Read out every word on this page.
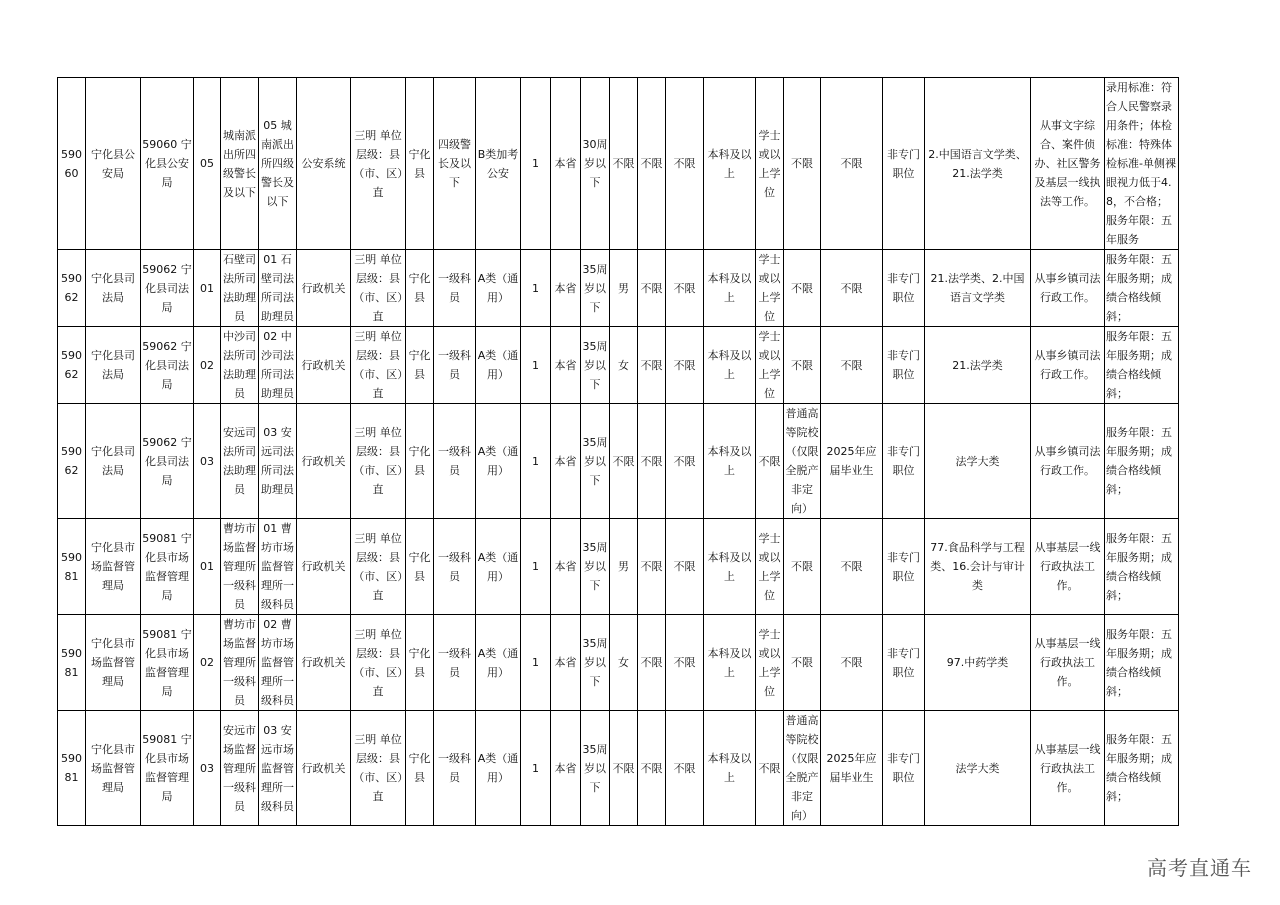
59060	宁化县公安局	59060 宁化县公安局	05	城南派出所四级警长及以下	05 城南派出所四级警长及以下	公安系统	三明 单位层级：县（市、区）直	宁化县	四级警长及以下	B类加考公安	1	本省	30周岁以下	不限	不限	不限	本科及以上	学士或以上学位	不限	不限	非专门职位	2.中国语言文学类、21.法学类	从事文字综合、案件侦办、社区警务及基层一线执法等工作。	录用标准：符合人民警察录用条件；体检标准：特殊体检标准-单侧裸眼视力低于4.8，不合格；服务年限：五年服务
59062	宁化县司法局	59062 宁化县司法局	01	石壁司法所司法助理员	01 石壁司法所司法助理员	行政机关	三明 单位层级：县（市、区）直	宁化县	一级科员	A类（通用）	1	本省	35周岁以下	男	不限	不限	本科及以上	学士或以上学位	不限	不限	非专门职位	21.法学类、2.中国语言文学类	从事乡镇司法行政工作。	服务年限：五年服务期；成绩合格线倾斜；
59062	宁化县司法局	59062 宁化县司法局	02	中沙司法所司法助理员	02 中沙司法所司法助理员	行政机关	三明 单位层级：县（市、区）直	宁化县	一级科员	A类（通用）	1	本省	35周岁以下	女	不限	不限	本科及以上	学士或以上学位	不限	不限	非专门职位	21.法学类	从事乡镇司法行政工作。	服务年限：五年服务期；成绩合格线倾斜；
59062	宁化县司法局	59062 宁化县司法局	03	安远司法所司法助理员	03 安远司法所司法助理员	行政机关	三明 单位层级：县（市、区）直	宁化县	一级科员	A类（通用）	1	本省	35周岁以下	不限	不限	不限	本科及以上	不限	普通高等院校（仅限全脱产非定向）	2025年应届毕业生	非专门职位	法学大类	从事乡镇司法行政工作。	服务年限：五年服务期；成绩合格线倾斜；
59081	宁化县市场监督管理局	59081 宁化县市场监督管理局	01	曹坊市场监督管理所一级科员	01 曹坊市场监督管理所一级科员	行政机关	三明 单位层级：县（市、区）直	宁化县	一级科员	A类（通用）	1	本省	35周岁以下	男	不限	不限	本科及以上	学士或以上学位	不限	不限	非专门职位	77.食品科学与工程类、16.会计与审计类	从事基层一线行政执法工作。	服务年限：五年服务期；成绩合格线倾斜；
59081	宁化县市场监督管理局	59081 宁化县市场监督管理局	02	曹坊市场监督管理所一级科员	02 曹坊市场监督管理所一级科员	行政机关	三明 单位层级：县（市、区）直	宁化县	一级科员	A类（通用）	1	本省	35周岁以下	女	不限	不限	本科及以上	学士或以上学位	不限	不限	非专门职位	97.中药学类	从事基层一线行政执法工作。	服务年限：五年服务期；成绩合格线倾斜；
59081	宁化县市场监督管理局	59081 宁化县市场监督管理局	03	安远市场监督管理所一级科员	03 安远市场监督管理所一级科员	行政机关	三明 单位层级：县（市、区）直	宁化县	一级科员	A类（通用）	1	本省	35周岁以下	不限	不限	不限	本科及以上	不限	普通高等院校（仅限全脱产非定向）	2025年应届毕业生	非专门职位	法学大类	从事基层一线行政执法工作。	服务年限：五年服务期；成绩合格线倾斜；
高考直通车
